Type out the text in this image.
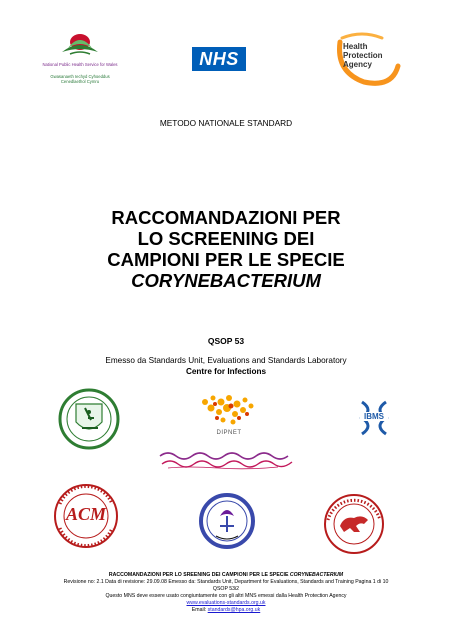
National Public Health Service for Wales
Gwasanaeth Iechyd Cyhoeddus Cenedlaethol Cymru
NHS
Health
Protection
Agency
METODO NATIONALE STANDARD
RACCOMANDAZIONI PER
LO SCREENING DEI
CAMPIONI PER LE SPECIE
CORYNEBACTERIUM
QSOP 53
Emesso da Standards Unit, Evaluations and Standards Laboratory
Centre for Infections
DIPNET
IBMS
ACM
RACCOMANDAZIONI PER LO SREENING DEI CAMPIONI PER LE SPECIE CORYNEBACTERIUM
Revisione no: 2.1 Data di revisione: 29.09.08 Emesso da: Standards Unit, Department for Evaluations, Standards and Training Pagina 1 di 10
QSOP 53i2
Questo MNS deve essere usato congiuntamente con gli altri MNS emessi dalla Health Protection Agency
www.evaluations-standards.org.uk
Email: standards@hpa.org.uk
